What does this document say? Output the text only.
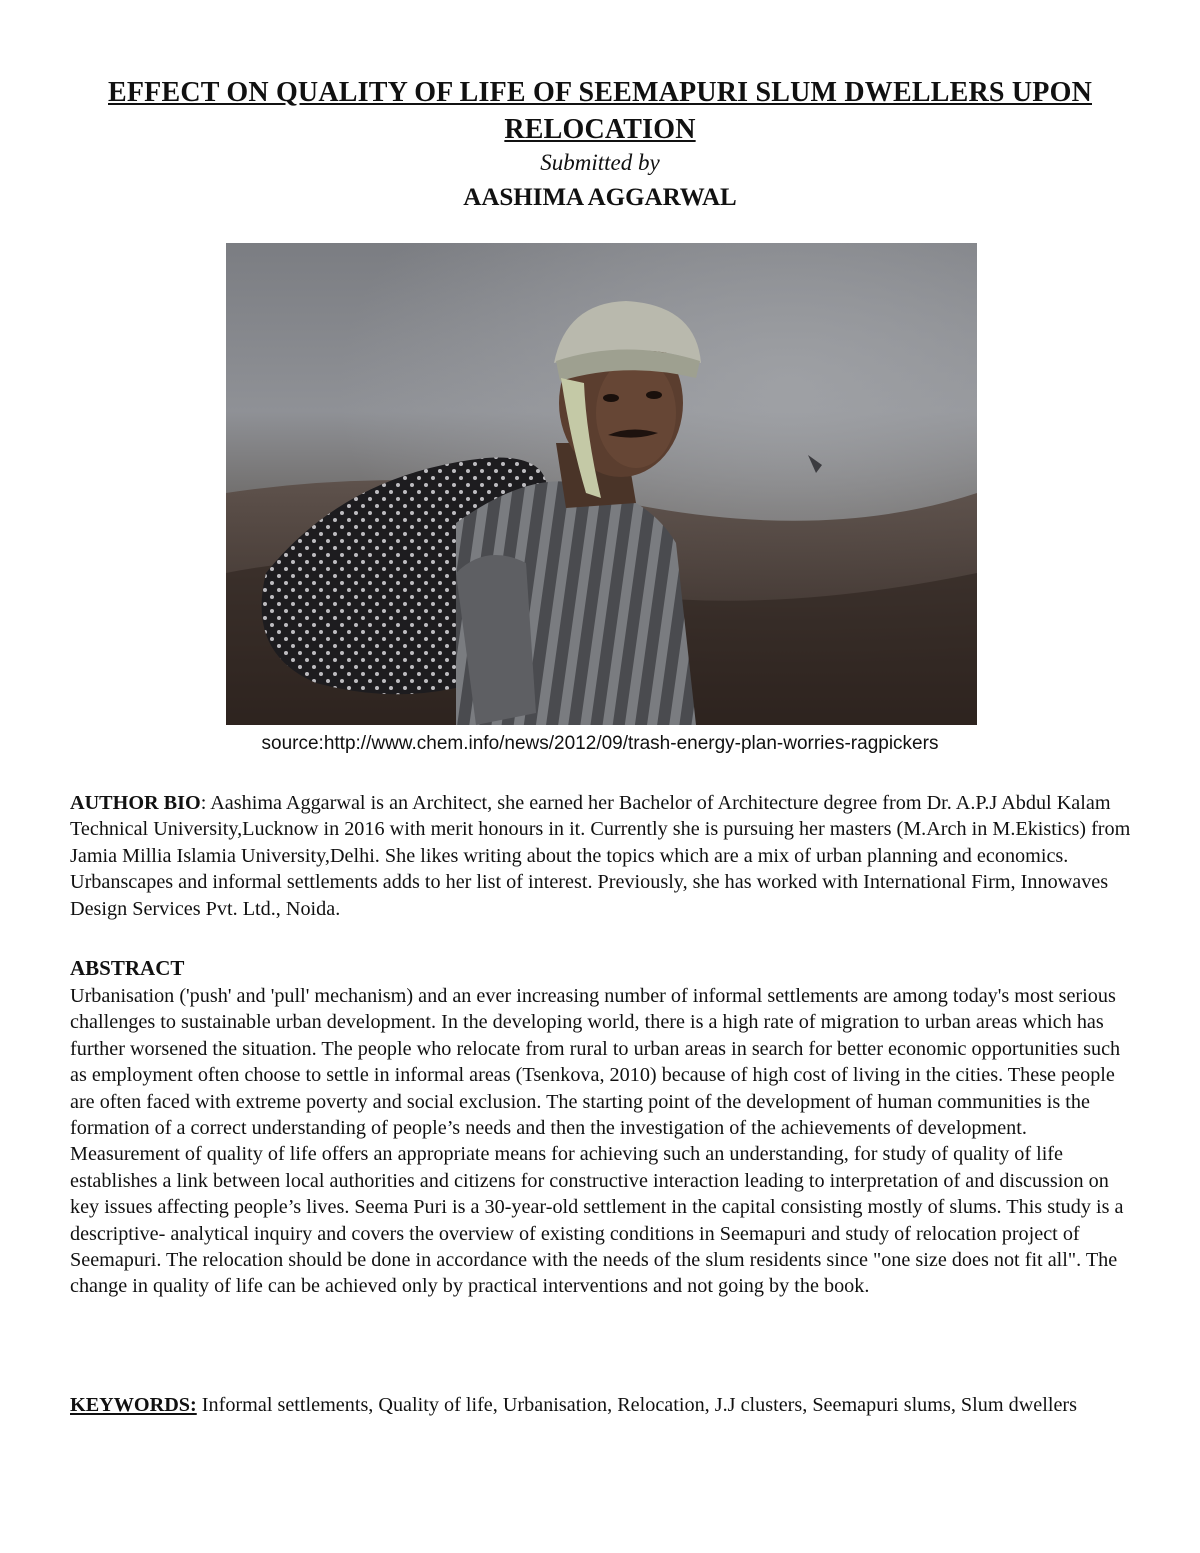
EFFECT ON QUALITY OF LIFE OF SEEMAPURI SLUM DWELLERS UPON RELOCATION
Submitted by
AASHIMA AGGARWAL
source:http://www.chem.info/news/2012/09/trash-energy-plan-worries-ragpickers
AUTHOR BIO: Aashima Aggarwal is an Architect, she earned her Bachelor of Architecture degree from Dr. A.P.J Abdul Kalam Technical University,Lucknow in 2016 with merit honours in it. Currently she is pursuing her masters (M.Arch in M.Ekistics) from Jamia Millia Islamia University,Delhi. She likes writing about the topics which are a mix of urban planning and economics. Urbanscapes and informal settlements adds to her list of interest. Previously, she has worked with International Firm, Innowaves Design Services Pvt. Ltd., Noida.
ABSTRACT
Urbanisation ('push' and 'pull' mechanism) and an ever increasing number of informal settlements are among today's most serious challenges to sustainable urban development. In the developing world, there is a high rate of migration to urban areas which has further worsened the situation. The people who relocate from rural to urban areas in search for better economic opportunities such as employment often choose to settle in informal areas (Tsenkova, 2010) because of high cost of living in the cities. These people are often faced with extreme poverty and social exclusion. The starting point of the development of human communities is the formation of a correct understanding of people’s needs and then the investigation of the achievements of development. Measurement of quality of life offers an appropriate means for achieving such an understanding, for study of quality of life establishes a link between local authorities and citizens for constructive interaction leading to interpretation of and discussion on key issues affecting people’s lives. Seema Puri is a 30-year-old settlement in the capital consisting mostly of slums. This study is a descriptive- analytical inquiry and covers the overview of existing conditions in Seemapuri and study of relocation project of Seemapuri. The relocation should be done in accordance with the needs of the slum residents since "one size does not fit all". The change in quality of life can be achieved only by practical interventions and not going by the book.
KEYWORDS: Informal settlements, Quality of life, Urbanisation, Relocation, J.J clusters, Seemapuri slums, Slum dwellers
